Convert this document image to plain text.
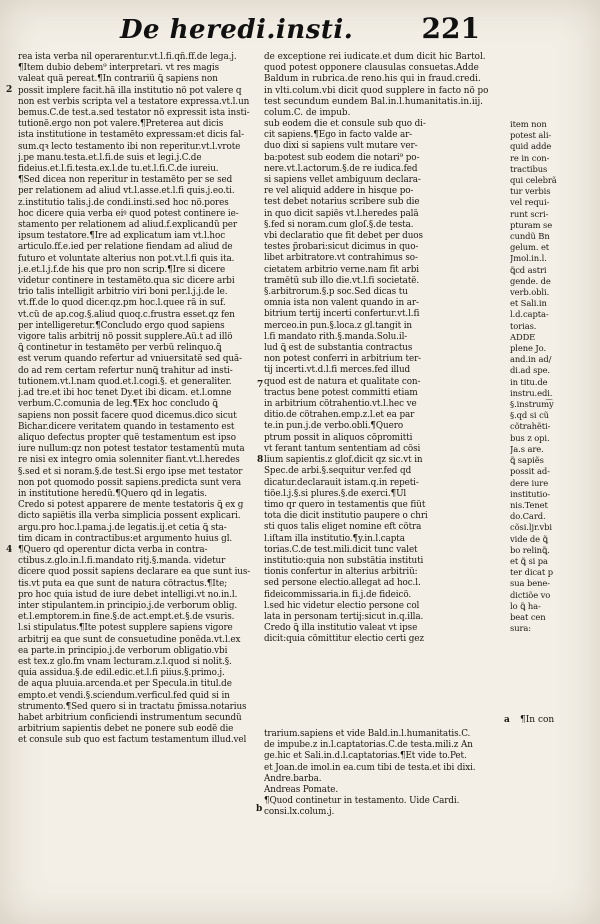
De heredi.insti. 221
rea ista verba nil operarentur.vt.l.fi.qñ.ff.de lega.j.
¶Item dubio debem⁹ interpretari. vt res magis
valeat quã pereat.¶In contrariũ ꝗ̃ sapiens non
possit implere facit.hã illa institutio nõ pot valere q
non est verbis scripta vel a testatore expressa.vt.l.un
bemus.C.de test.a.sed testator nõ expressit ista insti-
tutionẽ.ergo non pot valere.¶Preterea aut dicis
ista institutione in testamẽto expressam:et dicis fal-
sum.qꝛ lecto testamento ibi non reperitur.vt.l.vrote
j.pe manu.testa.et.l.fi.de suis et legi.j.C.de
fideius.et.l.fi.testa.ex.l.de tu.et.l.fi.C.de iureiu.
¶Sed dicea non reperitur in testamẽto per se sed
per relationem ad aliud vt.l.asse.et.l.fi quis.j.eo.ti.
z.institutio talis.j.de condi.insti.sed hoc nõ.pores
hoc dicere quia verba eiꝰ quod potest continere ie-
stamento per relationem ad aliud.f.explicandũ per
ipsum testatore.¶Ire ad explicatum iam vt.l.hoc
articulo.ff.e.ied per relatione fiendam ad aliud de
futuro et voluntate alterius non pot.vt.l.fi quis ita.
j.e.et.l.j.f.de his que pro non scrip.¶Ire si dicere
videtur continere in testamẽto.qua sic dicere arbi
trio talis intelligit arbitrio viri boni per.l.j.j.de le.
vt.ff.de lo quod dicer.q͡z.pm hoc.l.quee rã in suf.
vt.cũ de ap.cog.§.aliud quoq.c.frustra esset.q͡z fen
per intelligeretur.¶Concludo ergo quod sapiens
vigore talis arbitrij nõ possit supplere.Aũ.t ad illõ
ꝗ̃ continetur in testamẽto per verbũ relinquo.ꝗ̃
est verum quando refertur ad vniuersitatẽ sed quã-
do ad rem certam refertur nunꝗ̃ trahitur ad insti-
tutionem.vt.l.nam quod.et.l.cogi.§. et generaliter.
j.ad tre.et ibi hoc tenet Dy.et ibi dicam. et.l.omne
verbum.C.comunia de leg.¶Ex hoc concludo ꝗ̃
sapiens non possit facere quod dicemus.dico sicut
Bichar.dicere veritatem quando in testamento est
aliquo defectus propter quẽ testamentum est ipso
iure nullum:q͡z non potest testator testamentũ muta
re nisi ex integro omia solenniter fiant.vt.l.heredes
§.sed et si noram.§.de test.Si ergo ipse met testator
non pot quomodo possit sapiens.predicta sunt vera
in institutione heredũ.¶Quero q͡d in legatis.
Credo si potest apparere de mente testatoris ꝗ̃ ex g
dicto sapiẽtis illa verba simplicia possent explicari.
argu.pro hoc.l.pama.j.de legatis.ij.et cetia ꝗ̃ sta-
tim dicam in contractibus:et argumento huius gl.
¶Quero q͡d operentur dicta verba in contra-
ctibus.z.glo.in.l.fi.mandato ritj.§.manda. videtur
dicere quod possit sapiens declarare ea que sunt ius-
tis.vt puta ea que sunt de natura cõtractus.¶Ite;
pro hoc quia istud de iure debet intelligi.vt no.in.l.
inter stipulantem.in principio.j.de verborum oblig.
et.l.emptorem.in fine.§.de act.empt.et.§.de vsuris.
l.si stipulatus.¶Ite potest supplere sapiens vigore
arbitrij ea que sunt de consuetudine ponẽda.vt.l.ex
ea parte.in principio.j.de verborum obligatio.vbi
est tex.z glo.fm vnam lecturam.z.l.quod si nolit.§.
quia assidua.§.de edil.edic.et.l.fi piius.§.primo.j.
de aqua pluuia.arcenda.et per Specula.in titul.de
empto.et vendi.§.sciendum.verficul.fed quid si in
strumento.¶Sed quero si in tractatu p̃missa.notarius
habet arbitrium conficiendi instrumentum secundũ
arbitrium sapientis debet ne ponere sub eodẽ die
et consule sub quo est factum testamentum illud.vel
de exceptione rei iudicate.et dum dicit hic Bartol.
quod potest opponere clausulas consuetas.Adde
Baldum in rubrica.de reno.his qui in fraud.credi.
in vlti.colum.vbi dicit quod supplere in facto nõ po
test secundum eundem Bal.in.l.humanitatis.in.iij.
colum.C. de impub.
sub eodem die et consule sub quo di-
cit sapiens.¶Ego in facto valde ar-
duo dixi si sapiens vult mutare ver-
ba:potest sub eodem die notari⁹ po-
nere.vt.l.actorum.§.de re iudica.fed
si sapiens vellet ambiguum declara-
re vel aliquid addere in hisque po-
test debet notarius scribere sub die
in quo dicit sapiẽs vt.l.heredes palã
§.fed si noram.cum gloſ.§.de testa.
vbi declaratio que fit debet per duos
testes p̃robari:sicut dicimus in quo-
libet arbitratore.vt contrahimus so-
cietatem arbitrio verne.nam fit arbi
tramẽtũ sub illo die.vt.l.fi societatẽ.
§.arbitrorum.§.p soc.Sed dicas tu
omnia ista non valent quando in ar-
bitrium tertij incerti confertur.vt.l.fi
merceo.in pun.§.loca.z gl.tangit in
l.fi mandato rith.§.manda.Solu.il-
lud ꝗ̃ est de substantia contractus
non potest conferri in arbitrium ter-
tij incerti.vt.d.l.fi merces.fed illud
quod est de natura et qualitate con-
tractus bene potest committi etiam
in arbitrium cõtrahentio.vt.l.hec ve
ditio.de cõtrahen.emp.z.l.et ea par
te.in pun.j.de verbo.obli.¶Quero
p͡trum possit in aliquos cõpromitti
vt ferant tantum sententiam ad cõsi
lium sapientis.z glof.dicit q͡z sic.vt in
Spec.de arbi.§.sequitur ver.fed qd
dicatur.declarauit istam.q.in repeti-
tiõe.l.j.§.si plures.§.de exerci.¶Ul
timo q͡r quero in testamentis que fiũt
tota die dicit institutio paupere o chri
sti quos talis eliget nomine eft cõtra
l.iſtam illa institutio.¶y.in.l.capta
torias.C.de test.mili.dicit tunc valet
institutio:quia non substãtia instituti
tionis confertur in alterius arbitriũ:
sed persone electio.allegat ad hoc.l.
fideicommissaria.in fi.j.de fideicõ.
l.sed hic videtur electio persone col
lata in personam tertij:sicut in.q.illa.
Credo ꝗ̃ illa institutio valeat vt ipse
dicit:quia cõmittitur electio certi ge͡z
item non
potest ali-
quid adde
re in con-
tractibus
qui celebrã
tur verbis
vel requi-
runt scri-
pturam se
cundũ Bn
gelum. et
Jmol.in.l.
ꝗ̃cd astri
gende. de
verb.obli.
et Sali.in
l.d.capta-
torias.
ADDE
plene Jo.
and.in ad/
di.ad spe.
in titu.de
instru.edi.
§.instrum͡y
§.qd si cũ
cõtrahẽti-
bus z opi.
Ja.s are.
ꝗ̃ sapiẽs
possit ad-
dere iure
institutio-
nis.Tenet
do.Card.
cõsi.ljr.vbi
vide de ꝗ̃
bo relinꝗ̃.
et ꝗ̃ si pa
ter dicat p
sua bene-
dictiõe vo
lo ꝗ̃ ha-
beat cen
sura:
trarium.sapiens et vide Bald.in.l.humanitatis.C.
de impube.z in.l.captatorias.C.de testa.mili.z An
ge.hic et Sali.in.d.l.captatorias.¶Et vide to.Pet.
et Joan.de imol.in ea.cum tibi de testa.et ibi dixi.
Andre.barba.
Andreas Pomate.
¶Quod continetur in testamento. Uide Cardi.
consi.lx.colum.j.
2
4
7
8
a
b
¶In con
